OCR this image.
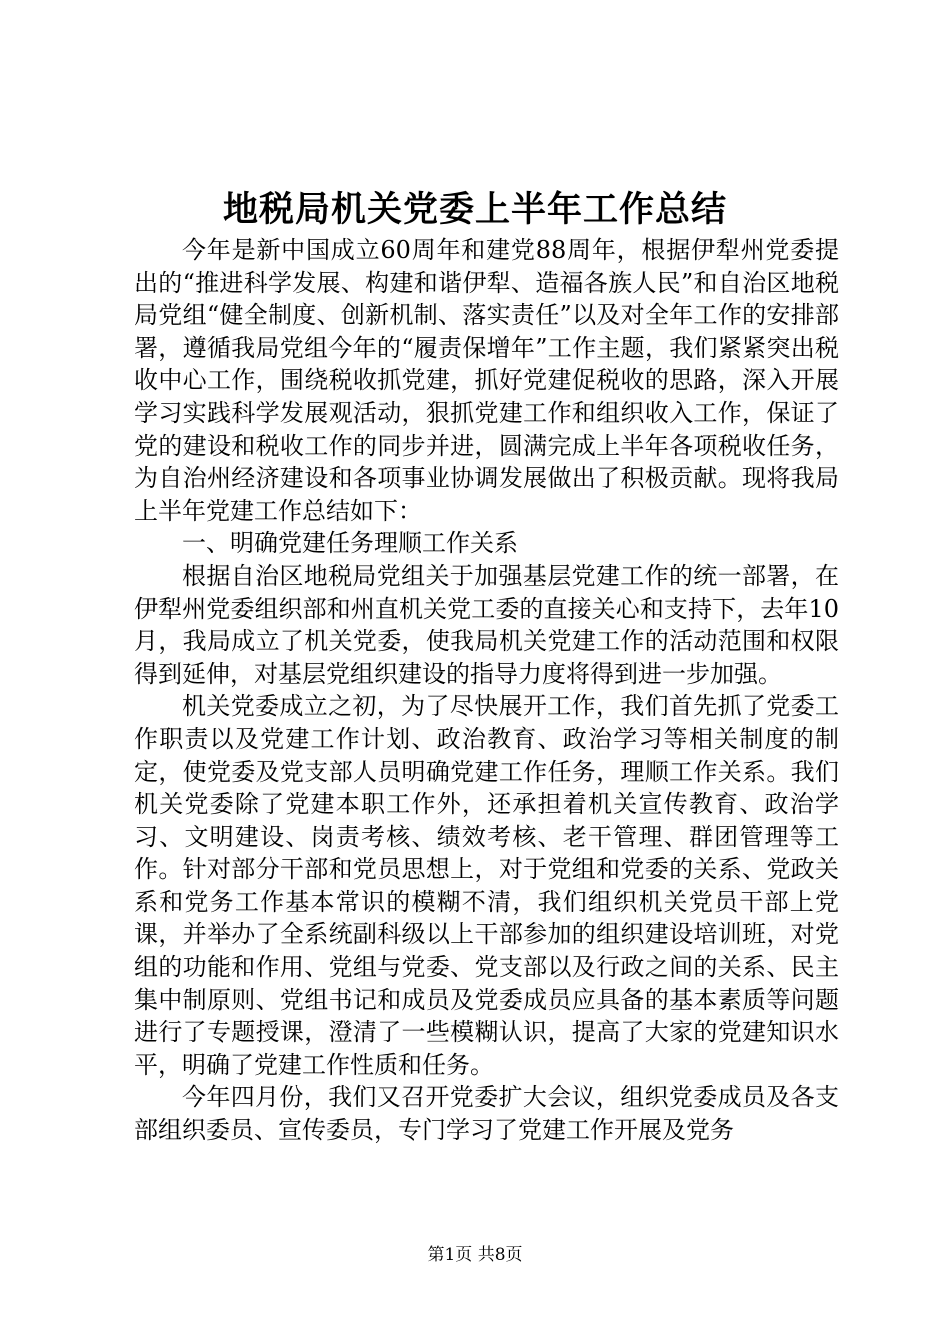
地税局机关党委上半年工作总结

今年是新中国成立60周年和建党88周年，根据伊犁州党委提出的“推进科学发展、构建和谐伊犁、造福各族人民”和自治区地税局党组“健全制度、创新机制、落实责任”以及对全年工作的安排部署，遵循我局党组今年的“履责保增年”工作主题，我们紧紧突出税收中心工作，围绕税收抓党建，抓好党建促税收的思路，深入开展学习实践科学发展观活动，狠抓党建工作和组织收入工作，保证了党的建设和税收工作的同步并进，圆满完成上半年各项税收任务，为自治州经济建设和各项事业协调发展做出了积极贡献。现将我局上半年党建工作总结如下：

一、明确党建任务理顺工作关系

根据自治区地税局党组关于加强基层党建工作的统一部署，在伊犁州党委组织部和州直机关党工委的直接关心和支持下，去年10月，我局成立了机关党委，使我局机关党建工作的活动范围和权限得到延伸，对基层党组织建设的指导力度将得到进一步加强。

机关党委成立之初，为了尽快展开工作，我们首先抓了党委工作职责以及党建工作计划、政治教育、政治学习等相关制度的制定，使党委及党支部人员明确党建工作任务，理顺工作关系。我们机关党委除了党建本职工作外，还承担着机关宣传教育、政治学习、文明建设、岗责考核、绩效考核、老干管理、群团管理等工作。针对部分干部和党员思想上，对于党组和党委的关系、党政关系和党务工作基本常识的模糊不清，我们组织机关党员干部上党课，并举办了全系统副科级以上干部参加的组织建设培训班，对党组的功能和作用、党组与党委、党支部以及行政之间的关系、民主集中制原则、党组书记和成员及党委成员应具备的基本素质等问题进行了专题授课，澄清了一些模糊认识，提高了大家的党建知识水平，明确了党建工作性质和任务。

今年四月份，我们又召开党委扩大会议，组织党委成员及各支部组织委员、宣传委员，专门学习了党建工作开展及党务

第1页 共8页
